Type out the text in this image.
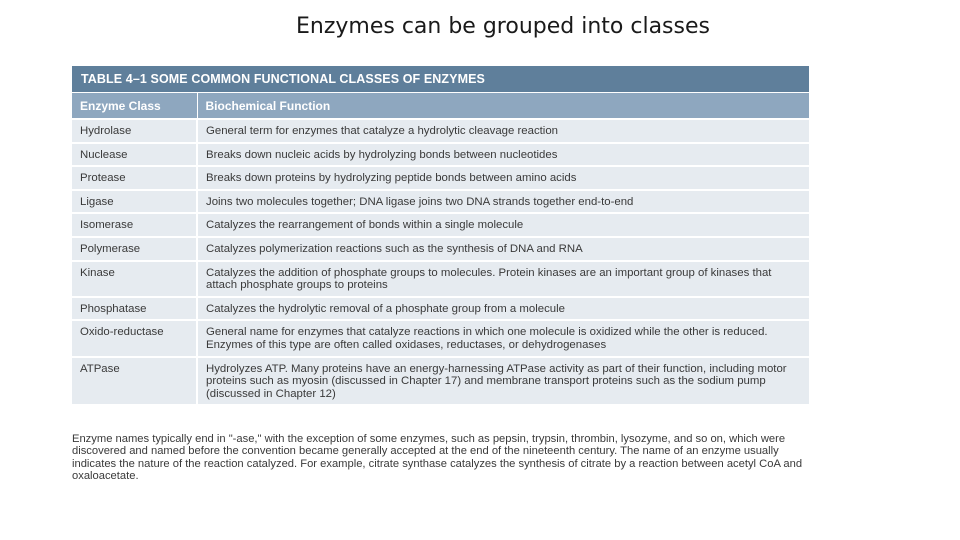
Enzymes can be grouped into classes
TABLE 4–1 SOME COMMON FUNCTIONAL CLASSES OF ENZYMES
Enzyme Class	Biochemical Function
Hydrolase	General term for enzymes that catalyze a hydrolytic cleavage reaction
Nuclease	Breaks down nucleic acids by hydrolyzing bonds between nucleotides
Protease	Breaks down proteins by hydrolyzing peptide bonds between amino acids
Ligase	Joins two molecules together; DNA ligase joins two DNA strands together end-to-end
Isomerase	Catalyzes the rearrangement of bonds within a single molecule
Polymerase	Catalyzes polymerization reactions such as the synthesis of DNA and RNA
Kinase	Catalyzes the addition of phosphate groups to molecules. Protein kinases are an important group of kinases that attach phosphate groups to proteins
Phosphatase	Catalyzes the hydrolytic removal of a phosphate group from a molecule
Oxido-reductase	General name for enzymes that catalyze reactions in which one molecule is oxidized while the other is reduced. Enzymes of this type are often called oxidases, reductases, or dehydrogenases
ATPase	Hydrolyzes ATP. Many proteins have an energy-harnessing ATPase activity as part of their function, including motor proteins such as myosin (discussed in Chapter 17) and membrane transport proteins such as the sodium pump (discussed in Chapter 12)
Enzyme names typically end in "-ase," with the exception of some enzymes, such as pepsin, trypsin, thrombin, lysozyme, and so on, which were discovered and named before the convention became generally accepted at the end of the nineteenth century. The name of an enzyme usually indicates the nature of the reaction catalyzed. For example, citrate synthase catalyzes the synthesis of citrate by a reaction between acetyl CoA and oxaloacetate.
